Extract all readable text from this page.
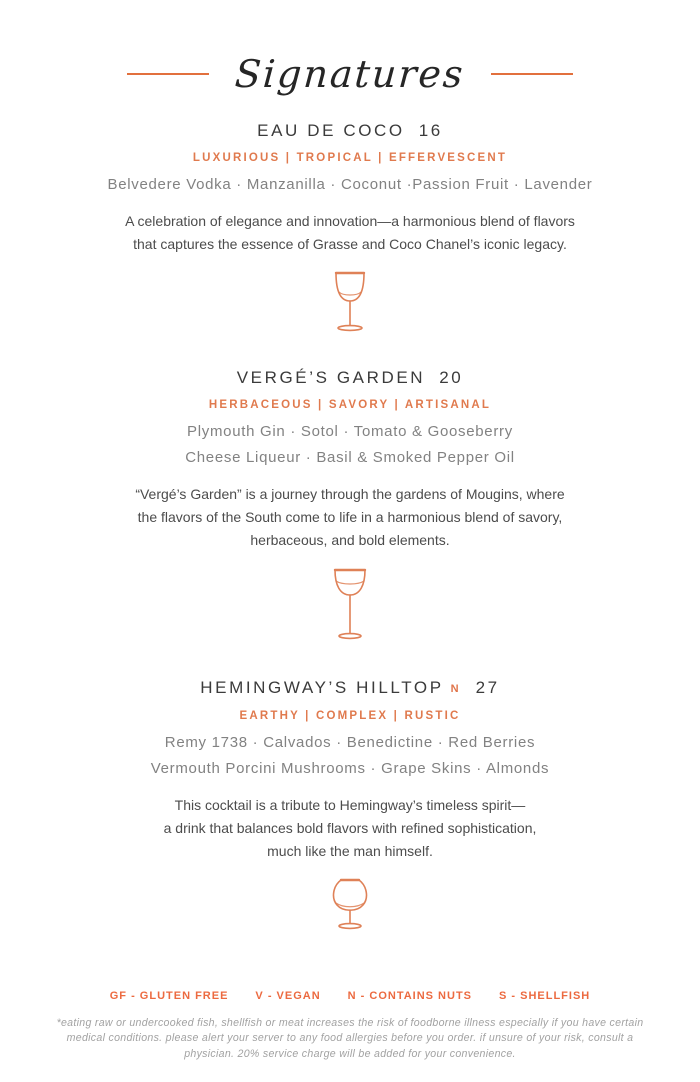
Signatures
EAU DE COCO 16
LUXURIOUS | TROPICAL | EFFERVESCENT
Belvedere Vodka · Manzanilla · Coconut ·Passion Fruit · Lavender

A celebration of elegance and innovation—a harmonious blend of flavors
that captures the essence of Grasse and Coco Chanel’s iconic legacy.

VERGÉ’S GARDEN 20
HERBACEOUS | SAVORY | ARTISANAL
Plymouth Gin · Sotol · Tomato & Gooseberry
Cheese Liqueur · Basil & Smoked Pepper Oil

“Vergé’s Garden” is a journey through the gardens of Mougins, where
the flavors of the South come to life in a harmonious blend of savory,
herbaceous, and bold elements.

HEMINGWAY’S HILLTOP N 27
EARTHY | COMPLEX | RUSTIC
Remy 1738 · Calvados · Benedictine · Red Berries
Vermouth Porcini Mushrooms · Grape Skins · Almonds

This cocktail is a tribute to Hemingway’s timeless spirit—
a drink that balances bold flavors with refined sophistication,
much like the man himself.

GF - GLUTEN FREE V - VEGAN N - CONTAINS NUTS S - SHELLFISH

*eating raw or undercooked fish, shellfish or meat increases the risk of foodborne illness especially if you have certain
medical conditions. please alert your server to any food allergies before you order. if unsure of your risk, consult a
physician. 20% service charge will be added for your convenience.
